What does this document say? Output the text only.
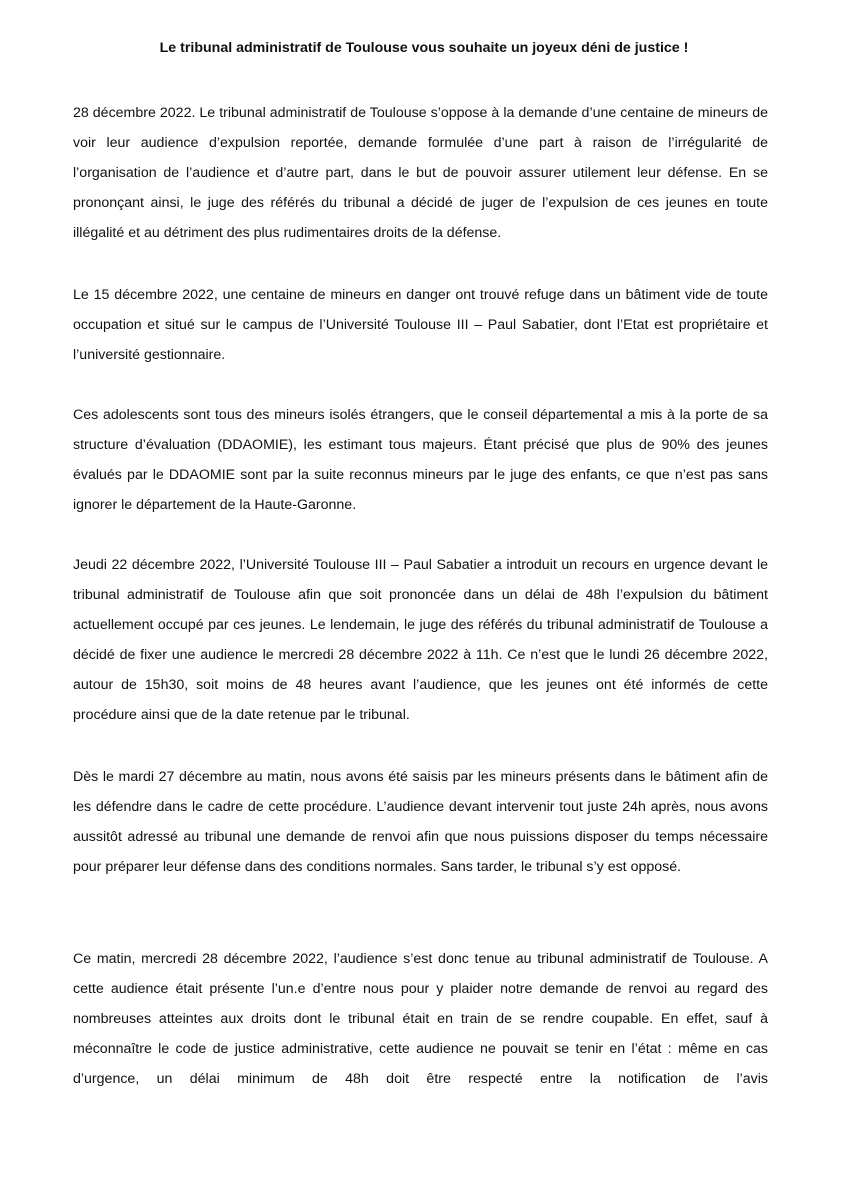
Le tribunal administratif de Toulouse vous souhaite un joyeux déni de justice !

28 décembre 2022. Le tribunal administratif de Toulouse s’oppose à la demande d’une centaine de mineurs de voir leur audience d’expulsion reportée, demande formulée d’une part à raison de l’irrégularité de l’organisation de l’audience et d’autre part, dans le but de pouvoir assurer utilement leur défense. En se prononçant ainsi, le juge des référés du tribunal a décidé de juger de l’expulsion de ces jeunes en toute illégalité et au détriment des plus rudimentaires droits de la défense.

Le 15 décembre 2022, une centaine de mineurs en danger ont trouvé refuge dans un bâtiment vide de toute occupation et situé sur le campus de l’Université Toulouse III – Paul Sabatier, dont l’Etat est propriétaire et l’université gestionnaire.

Ces adolescents sont tous des mineurs isolés étrangers, que le conseil départemental a mis à la porte de sa structure d’évaluation (DDAOMIE), les estimant tous majeurs. Étant précisé que plus de 90% des jeunes évalués par le DDAOMIE sont par la suite reconnus mineurs par le juge des enfants, ce que n’est pas sans ignorer le département de la Haute-Garonne.

Jeudi 22 décembre 2022, l’Université Toulouse III – Paul Sabatier a introduit un recours en urgence devant le tribunal administratif de Toulouse afin que soit prononcée dans un délai de 48h l’expulsion du bâtiment actuellement occupé par ces jeunes. Le lendemain, le juge des référés du tribunal administratif de Toulouse a décidé de fixer une audience le mercredi 28 décembre 2022 à 11h. Ce n’est que le lundi 26 décembre 2022, autour de 15h30, soit moins de 48 heures avant l’audience, que les jeunes ont été informés de cette procédure ainsi que de la date retenue par le tribunal.

Dès le mardi 27 décembre au matin, nous avons été saisis par les mineurs présents dans le bâtiment afin de les défendre dans le cadre de cette procédure. L’audience devant intervenir tout juste 24h après, nous avons aussitôt adressé au tribunal une demande de renvoi afin que nous puissions disposer du temps nécessaire pour préparer leur défense dans des conditions normales. Sans tarder, le tribunal s’y est opposé.

Ce matin, mercredi 28 décembre 2022, l’audience s’est donc tenue au tribunal administratif de Toulouse. A cette audience était présente l’un.e d’entre nous pour y plaider notre demande de renvoi au regard des nombreuses atteintes aux droits dont le tribunal était en train de se rendre coupable. En effet, sauf à méconnaître le code de justice administrative, cette audience ne pouvait se tenir en l’état : même en cas d’urgence, un délai minimum de 48h doit être respecté entre la notification de l’avis
